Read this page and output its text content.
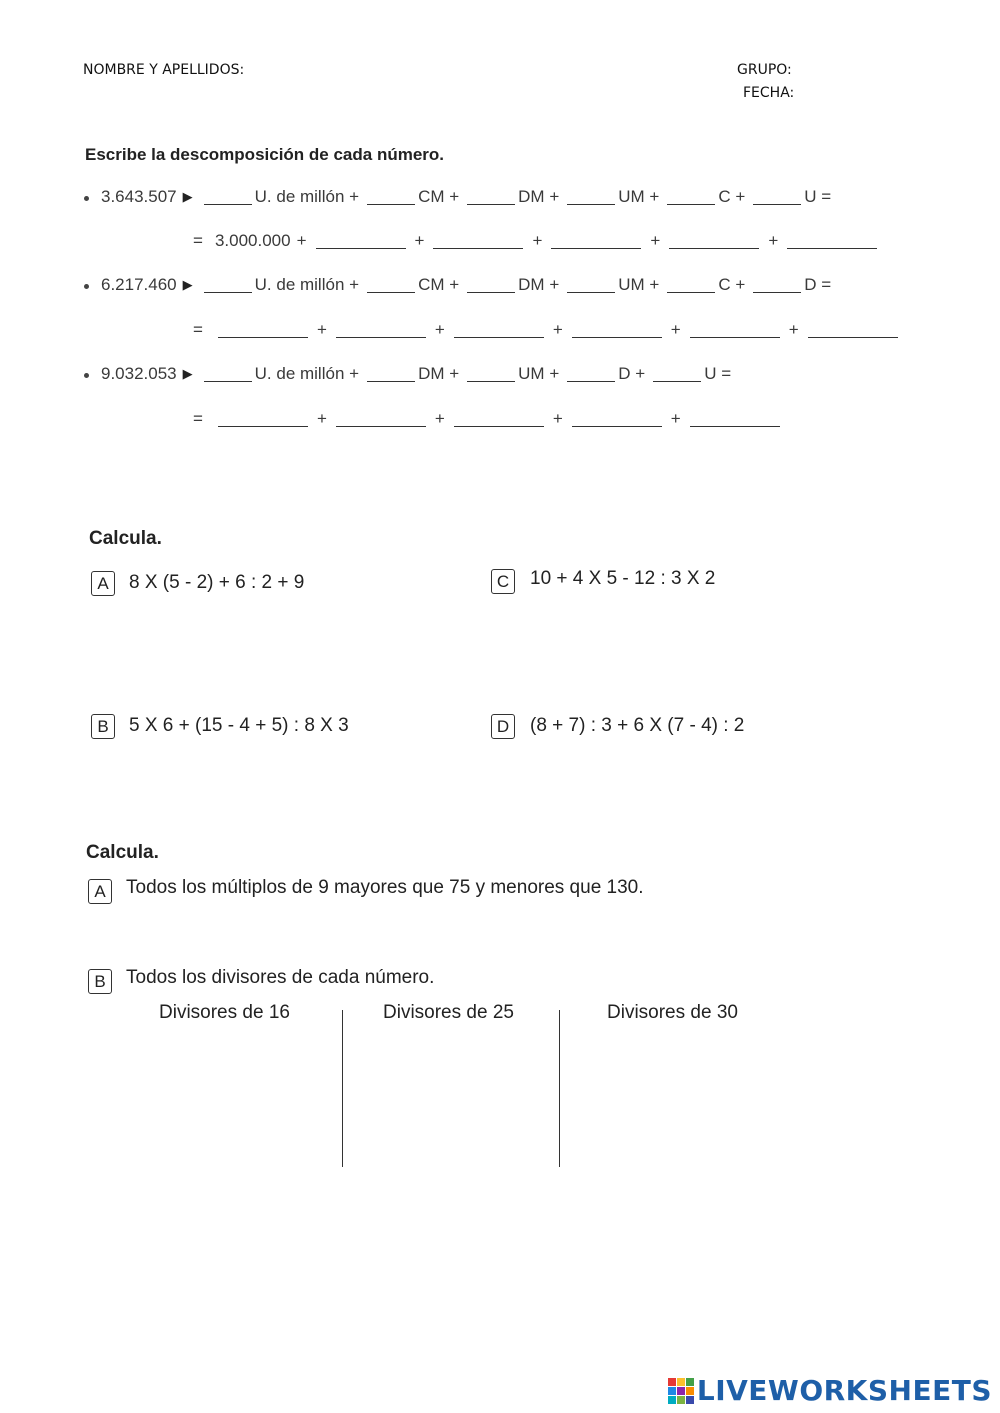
NOMBRE Y APELLIDOS:	GRUPO:
FECHA:
Escribe la descomposición de cada número.
3.643.507 ▶	U. de millón +	CM +	DM +	UM +	C +	U =
= 3.000.000 +	+	+	+	+
6.217.460 ▶	U. de millón +	CM +	DM +	UM +	C +	D =
=	+	+	+	+	+
9.032.053 ▶	U. de millón +	DM +	UM +	D +	U =
=	+	+	+	+
Calcula.
A	8 X (5 - 2) + 6 : 2 + 9	C	10 + 4 X 5 - 12 : 3 X 2
B	5 X 6 + (15 - 4 + 5) : 8 X 3	D	(8 + 7) : 3 + 6 X (7 - 4) : 2
Calcula.
A	Todos los múltiplos de 9 mayores que 75 y menores que 130.
B	Todos los divisores de cada número.
Divisores de 16	Divisores de 25	Divisores de 30
LIVEWORKSHEETS
